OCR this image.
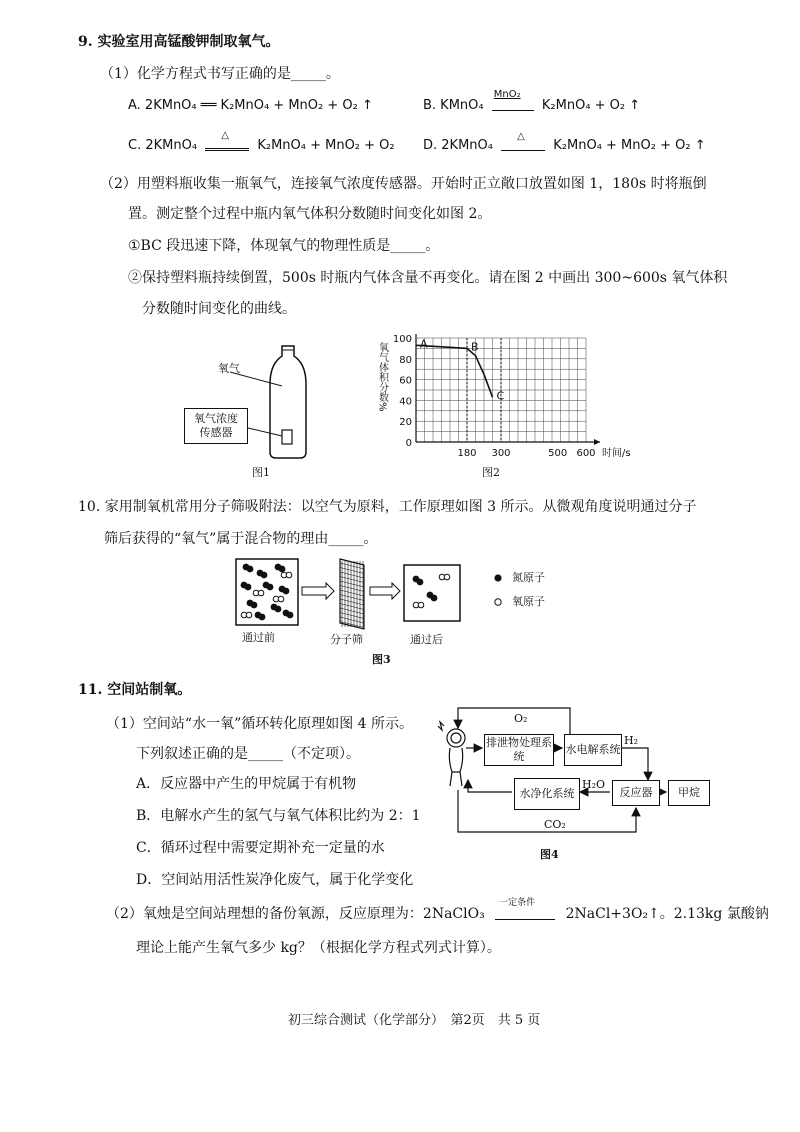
9. 实验室用高锰酸钾制取氧气。
（1）化学方程式书写正确的是_____。
A. 2KMnO₄ ══ K₂MnO₄ + MnO₂ + O₂ ↑	B. KMnO₄
MnO₂
K₂MnO₄ + O₂ ↑
C. 2KMnO₄
△
K₂MnO₄ + MnO₂ + O₂ D. 2KMnO₄
△
K₂MnO₄ + MnO₂ + O₂ ↑
（2）用塑料瓶收集一瓶氧气，连接氧气浓度传感器。开始时正立敞口放置如图 1，180s 时将瓶倒
置。测定整个过程中瓶内氧气体积分数随时间变化如图 2。
①BC 段迅速下降，体现氧气的物理性质是_____。
②保持塑料瓶持续倒置，500s 时瓶内气体含量不再变化。请在图 2 中画出 300~600s 氧气体积
分数随时间变化的曲线。
氧气
氧气浓度
传感器
图1
0
20
40
60
80
100
180 300	500 600 时间/s
氧气体积分数%	A	B
C
图2
10. 家用制氧机常用分子筛吸附法：以空气为原料，工作原理如图 3 所示。从微观角度说明通过分子
筛后获得的“氧气”属于混合物的理由_____。
通过前	分子筛	通过后
氮原子
氧原子
图3
11. 空间站制氧。
（1）空间站“水一氧”循环转化原理如图 4 所示。
下列叙述正确的是_____（不定项）。
A．反应器中产生的甲烷属于有机物
B．电解水产生的氢气与氧气体积比约为 2：1
C．循环过程中需要定期补充一定量的水
D．空间站用活性炭净化废气，属于化学变化
O₂
H₂
H₂O
CO₂
排泄物处理系统
水电解系统
水净化系统	反应器	甲烷
图4
（2）氧烛是空间站理想的备份氧源，反应原理为：2NaClO₃
一定条件
2NaCl+3O₂↑。2.13kg 氯酸钠
理论上能产生氧气多少 kg？（根据化学方程式列式计算）。
初三综合测试（化学部分）　第2页　共 5 页
